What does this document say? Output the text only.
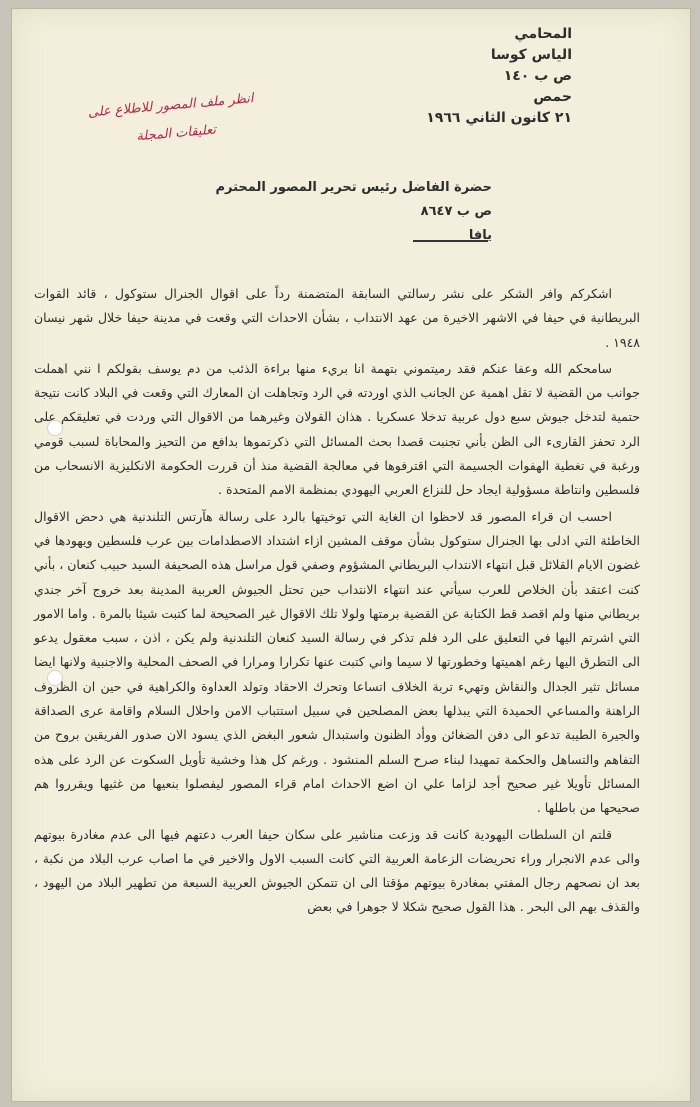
المحامي
الياس كوسا
ص ب ١٤٠
حمص
٢١ كانون الثاني ١٩٦٦
انظر ملف المصور للاطلاع على
تعليقات المجلة
حضرة الفاضل رئيس تحرير المصور المحترم
ص ب ٨٦٤٧
يافا

اشكركم وافر الشكر على نشر رسالتي السابقة المتضمنة رداً على اقوال الجنرال ستوكول ، قائد القوات البريطانية في حيفا في الاشهر الاخيرة من عهد الانتداب ، بشأن الاحداث التي وقعت في مدينة حيفا خلال شهر نيسان ١٩٤٨ .

سامحكم الله وعفا عنكم فقد رميتموني بتهمة انا بريء منها براءة الذئب من دم يوسف بقولكم ا نني اهملت جوانب من القضية لا تقل اهمية عن الجانب الذي اوردته في الرد وتجاهلت ان المعارك التي وقعت في البلاد كانت نتيجة حتمية لتدخل جيوش سبع دول عربية تدخلا عسكريا . هذان القولان وغيرهما من الاقوال التي وردت في تعليقكم على الرد تحفز القارىء الى الظن بأني تجنبت قصدا بحث المسائل التي ذكرتموها بدافع من التحيز والمحاباة لسبب قومي ورغبة في تغطية الهفوات الجسيمة التي اقترفوها في معالجة القضية منذ أن قررت الحكومة الانكليزية الانسحاب من فلسطين وانتاطة مسؤولية ايجاد حل للنزاع العربي اليهودي بمنظمة الامم المتحدة .

احسب ان قراء المصور قد لاحظوا ان الغاية التي توخيتها بالرد على رسالة هآرتس التلندنية هي دحض الاقوال الخاطئة التي ادلى بها الجنرال ستوكول بشأن موقف المشين ازاء اشتداد الاصطدامات بين عرب فلسطين ويهودها في غضون الايام القلائل قبل انتهاء الانتداب البريطاني المشؤوم وصفي قول مراسل هذه الصحيفة السيد حبيب كنعان ، بأني كنت اعتقد بأن الخلاص للعرب سيأتي عند انتهاء الانتداب حين تحتل الجيوش العربية المدينة بعد خروج آخر جندي بريطاني منها ولم اقصد قط الكتابة عن القضية برمتها ولولا تلك الاقوال غير الصحيحة لما كتبت شيئا بالمرة . واما الامور التي اشرتم اليها في التعليق على الرد فلم تذكر في رسالة السيد كنعان التلندنية ولم يكن ، اذن ، سبب معقول يدعو الى التطرق اليها رغم اهميتها وخطورتها لا سيما واني كتبت عنها تكرارا ومرارا في الصحف المحلية والاجنبية ولانها ايضا مسائل تثير الجدال والنقاش وتهيء تربة الخلاف اتساعا وتحرك الاحقاد وتولد العداوة والكراهية في حين ان الظروف الراهنة والمساعي الحميدة التي يبذلها بعض المصلحين في سبيل استتباب الامن واحلال السلام واقامة عرى الصداقة والجيرة الطيبة تدعو الى دفن الضغائن ووأد الظنون واستبدال شعور البغض الذي يسود الان صدور الفريقين بروح من التفاهم والتساهل والحكمة تمهيدا لبناء صرح السلم المنشود . ورغم كل هذا وخشية تأويل السكوت عن الرد على هذه المسائل تأويلا غير صحيح أجد لزاما علي ان اضع الاحداث امام قراء المصور ليفصلوا بنعيها من غثيها ويقرروا هم صحيحها من باطلها .

قلتم ان السلطات اليهودية كانت قد وزعت مناشير على سكان حيفا العرب دعتهم فيها الى عدم مغادرة بيوتهم والى عدم الانجرار وراء تحريضات الزعامة العربية التي كانت السبب الاول والاخير في ما اصاب عرب البلاد من نكبة ، بعد ان نصحهم رجال المفتي بمغادرة بيوتهم مؤقتا الى ان تتمكن الجيوش العربية السبعة من تطهير البلاد من اليهود ، والقذف بهم الى البحر . هذا القول صحيح شكلا لا جوهرا في بعض
